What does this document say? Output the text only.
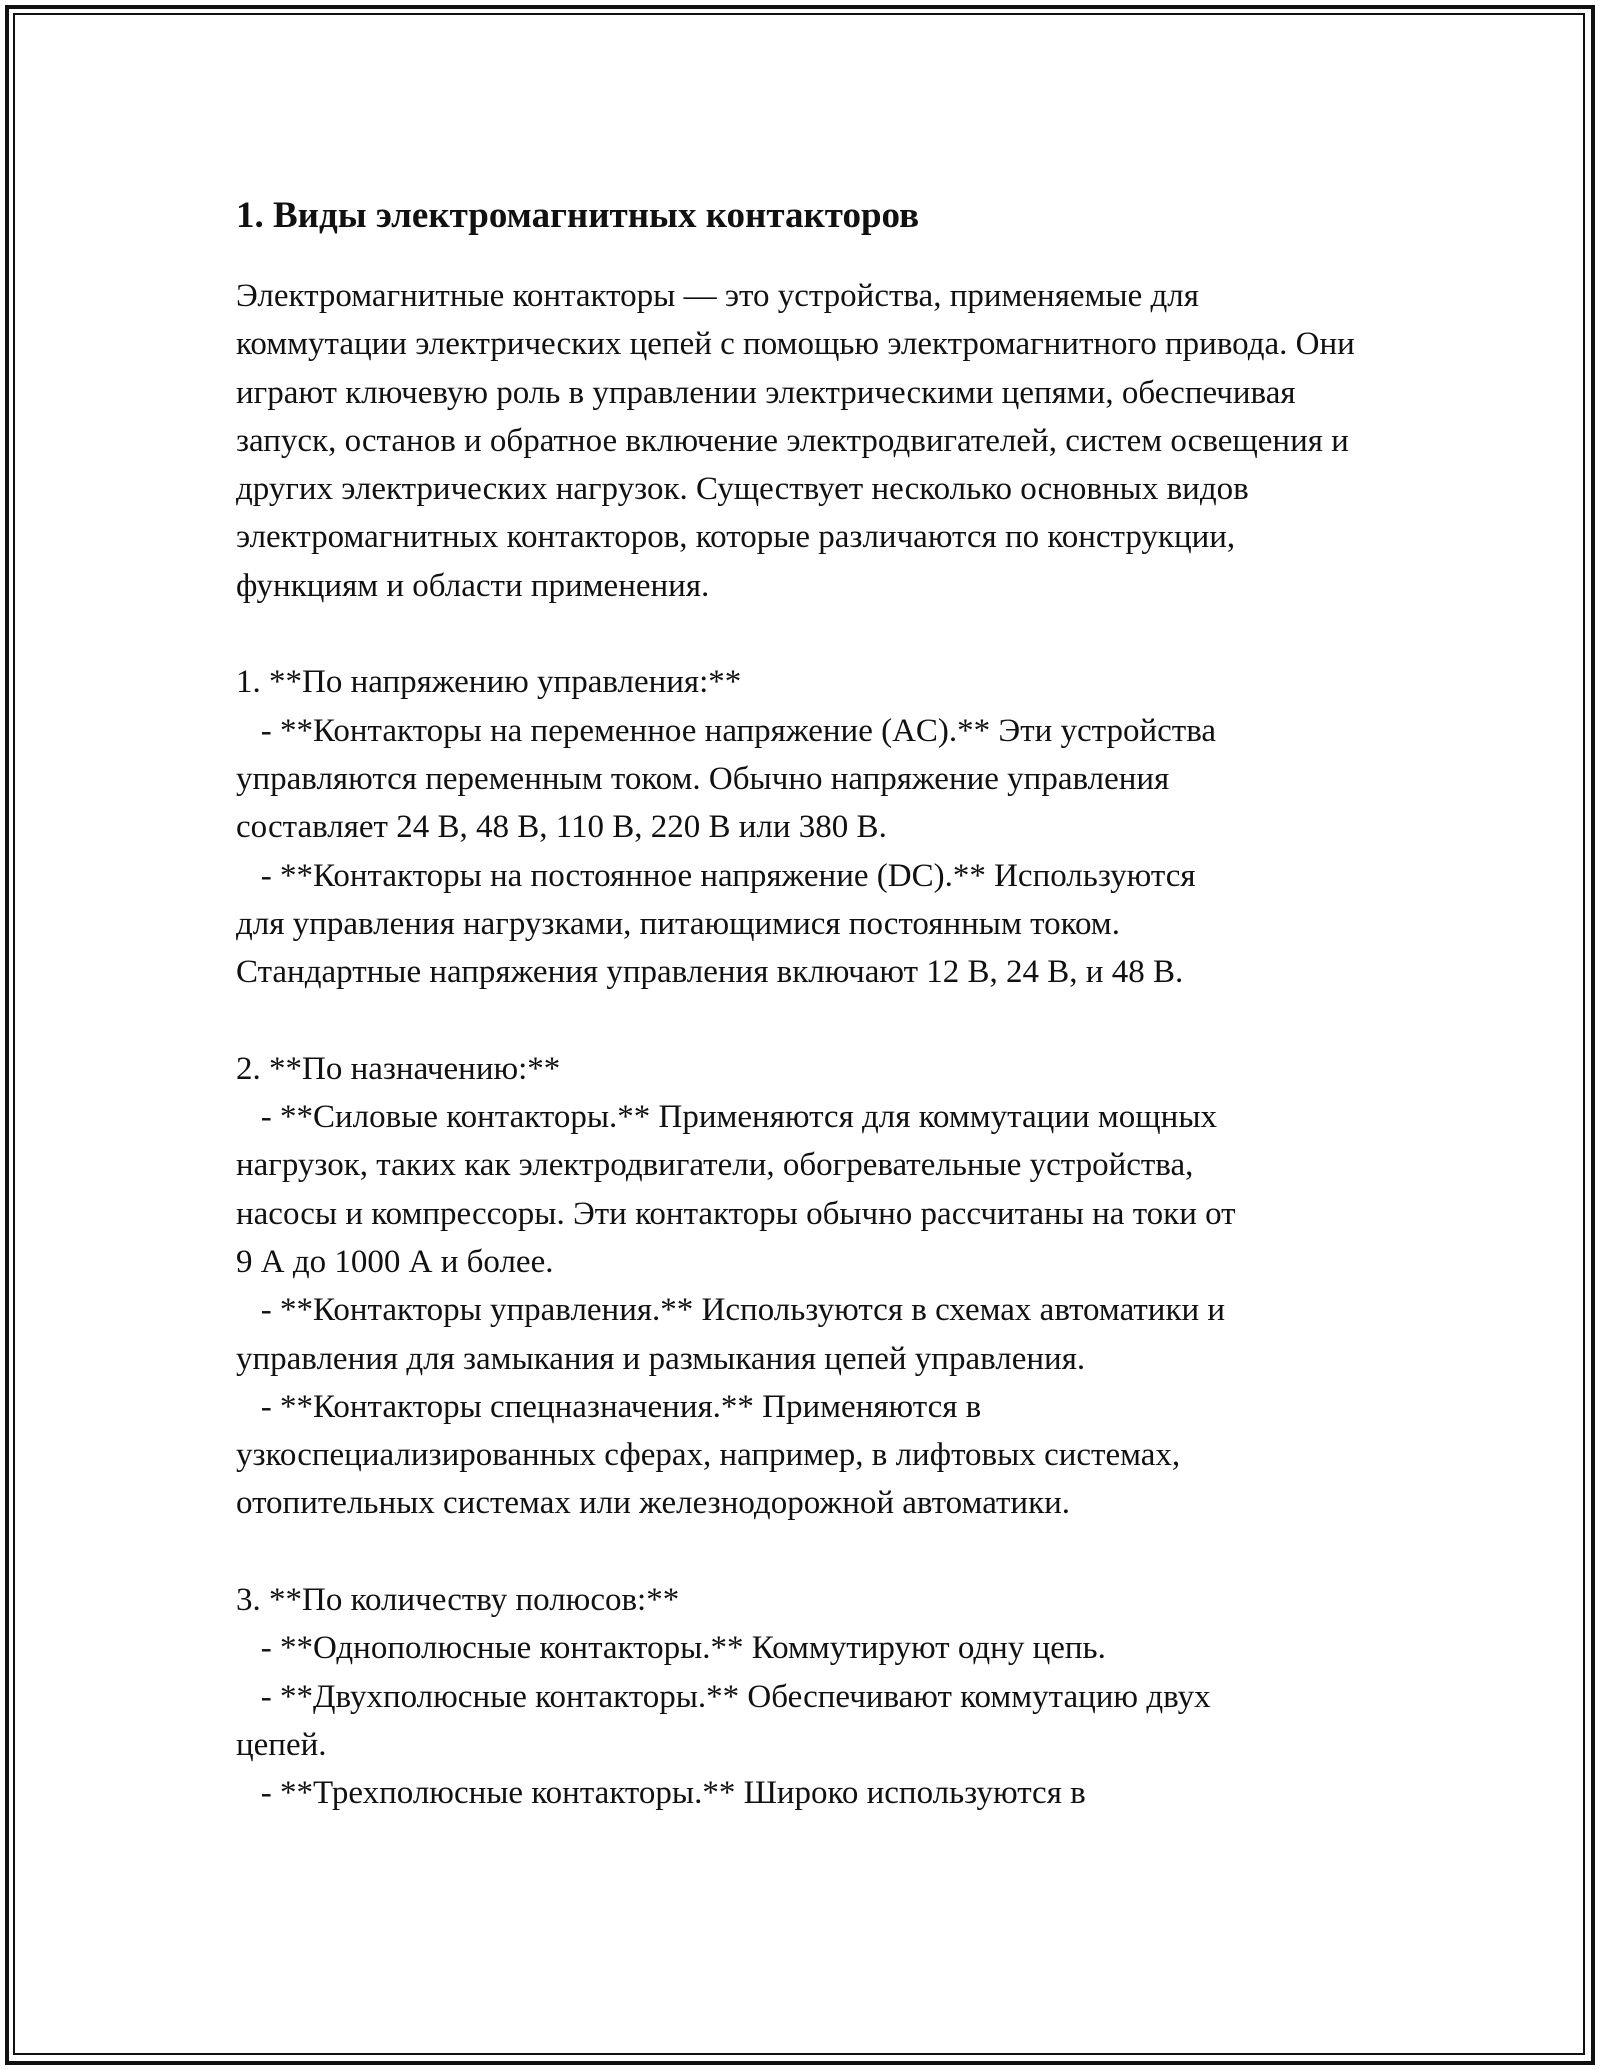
1. Виды электромагнитных контакторов

Электромагнитные контакторы — это устройства, применяемые для коммутации электрических цепей с помощью электромагнитного привода. Они играют ключевую роль в управлении электрическими цепями, обеспечивая запуск, останов и обратное включение электродвигателей, систем освещения и других электрических нагрузок. Существует несколько основных видов электромагнитных контакторов, которые различаются по конструкции, функциям и области применения.

1. **По напряжению управления:**

- **Контакторы на переменное напряжение (AC).** Эти устройства

управляются переменным током. Обычно напряжение управления

составляет 24 В, 48 В, 110 В, 220 В или 380 В.

- **Контакторы на постоянное напряжение (DC).** Используются

для управления нагрузками, питающимися постоянным током.

Стандартные напряжения управления включают 12 В, 24 В, и 48 В.

2. **По назначению:**

- **Силовые контакторы.** Применяются для коммутации мощных

нагрузок, таких как электродвигатели, обогревательные устройства,

насосы и компрессоры. Эти контакторы обычно рассчитаны на токи от

9 А до 1000 А и более.

- **Контакторы управления.** Используются в схемах автоматики и

управления для замыкания и размыкания цепей управления.

- **Контакторы спецназначения.** Применяются в

узкоспециализированных сферах, например, в лифтовых системах,

отопительных системах или железнодорожной автоматики.

3. **По количеству полюсов:**

- **Однополюсные контакторы.** Коммутируют одну цепь.

- **Двухполюсные контакторы.** Обеспечивают коммутацию двух

цепей.

- **Трехполюсные контакторы.** Широко используются в
